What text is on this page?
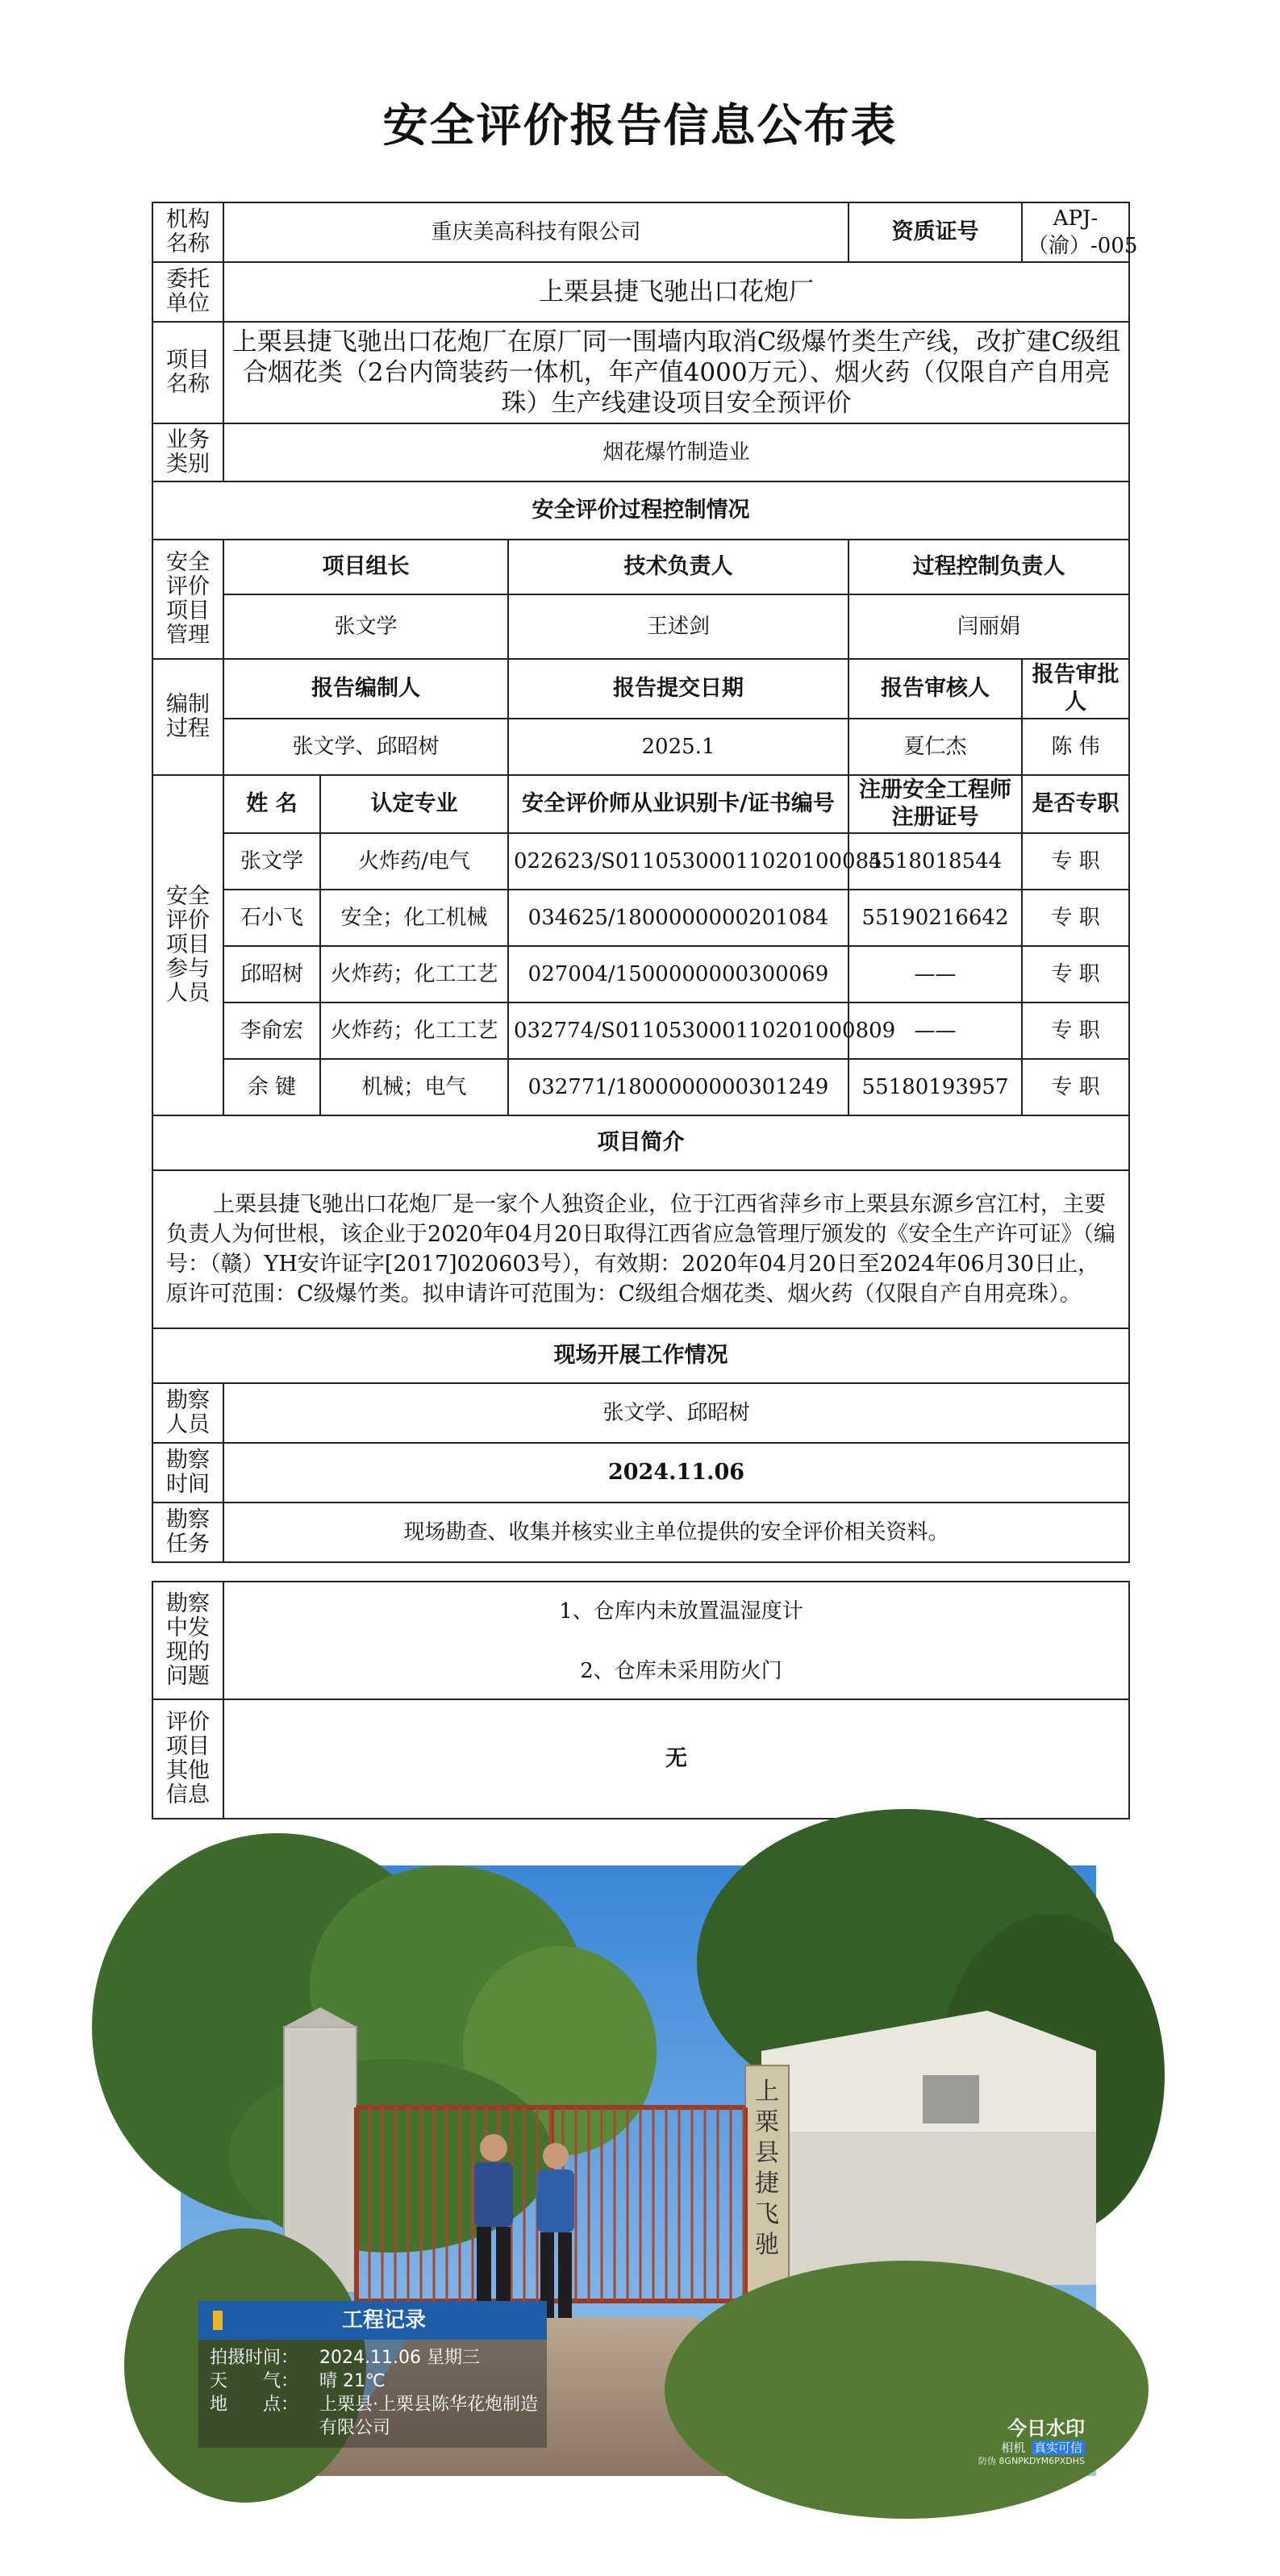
安全评价报告信息公布表
机构名称	重庆美高科技有限公司			资质证号	APJ-（渝）-005
委托单位	上栗县捷飞驰出口花炮厂				
项目名称	上栗县捷飞驰出口花炮厂在原厂同一围墙内取消C级爆竹类生产线，改扩建C级组合烟花类（2台内筒装药一体机，年产值4000万元）、烟火药（仅限自产自用亮珠）生产线建设项目安全预评价				
业务类别	烟花爆竹制造业				
安全评价过程控制情况					
安全评价项目管理	项目组长		技术负责人	过程控制负责人	
	张文学		王述剑	闫丽娟	
编制过程	报告编制人		报告提交日期	报告审核人	报告审批人
	张文学、邱昭树		2025.1	夏仁杰	陈 伟
安全评价项目参与人员	姓 名	认定专业	安全评价师从业识别卡/证书编号	注册安全工程师注册证号	是否专职
	张文学	火炸药/电气	022623/S011053000110201000845	5518018544	专 职
	石小飞	安全；化工机械	034625/1800000000201084	55190216642	专 职
	邱昭树	火炸药；化工工艺	027004/1500000000300069	——	专 职
	李俞宏	火炸药；化工工艺	032774/S011053000110201000809	——	专 职
	余 键	机械；电气	032771/1800000000301249	55180193957	专 职
项目简介					
上栗县捷飞驰出口花炮厂是一家个人独资企业，位于江西省萍乡市上栗县东源乡宫江村，主要负责人为何世根，该企业于2020年04月20日取得江西省应急管理厅颁发的《安全生产许可证》（编号：（赣）YH安许证字[2017]020603号），有效期：2020年04月20日至2024年06月30日止，原许可范围：C级爆竹类。拟申请许可范围为：C级组合烟花类、烟火药（仅限自产自用亮珠）。					
现场开展工作情况					
勘察人员	张文学、邱昭树				
勘察时间	2024.11.06				
勘察任务	现场勘查、收集并核实业主单位提供的安全评价相关资料。				
勘察中发现的问题	1、仓库内未放置温湿度计
2、仓库未采用防火门

评价项目其他信息	无
上栗县捷飞驰
工程记录
拍摄时间：	2024.11.06 星期三
天　　气：	晴 21℃
地　　点：	上栗县·上栗县陈华花炮制造有限公司	今日水印
相机 真实可信
防伪 8GNPKDYM6PXDHS
